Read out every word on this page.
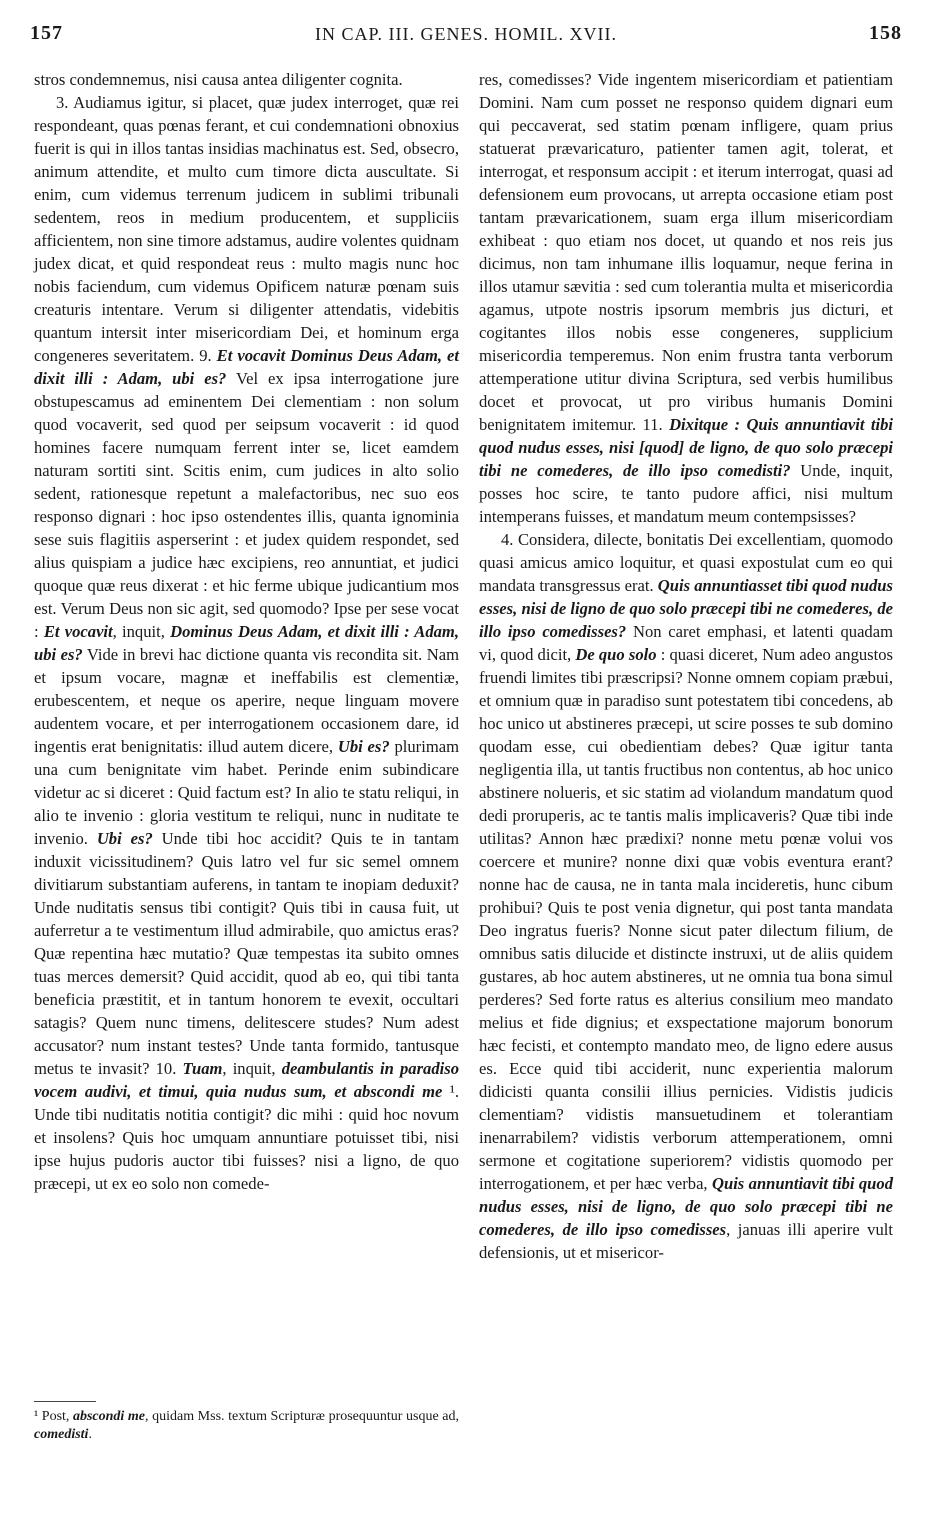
157	IN CAP. III. GENES. HOMIL. XVII.	158

stros condemnemus, nisi causa antea diligenter cognita.

3. Audiamus igitur, si placet, quæ judex interroget, quæ rei respondeant, quas pœnas ferant, et cui condemnationi obnoxius fuerit is qui in illos tantas insidias machinatus est. Sed, obsecro, animum attendite, et multo cum timore dicta auscultate. Si enim, cum videmus terrenum judicem in sublimi tribunali sedentem, reos in medium producentem, et suppliciis afficientem, non sine timore adstamus, audire volentes quidnam judex dicat, et quid respondeat reus : multo magis nunc hoc nobis faciendum, cum videmus Opificem naturæ pœnam suis creaturis intentare. Verum si diligenter attendatis, videbitis quantum intersit inter misericordiam Dei, et hominum erga congeneres severitatem. 9. Et vocavit Dominus Deus Adam, et dixit illi : Adam, ubi es? Vel ex ipsa interrogatione jure obstupescamus ad eminentem Dei clementiam : non solum quod vocaverit, sed quod per seipsum vocaverit : id quod homines facere numquam ferrent inter se, licet eamdem naturam sortiti sint. Scitis enim, cum judices in alto solio sedent, rationesque repetunt a malefactoribus, nec suo eos responso dignari : hoc ipso ostendentes illis, quanta ignominia sese suis flagitiis asperserint : et judex quidem respondet, sed alius quispiam a judice hæc excipiens, reo annuntiat, et judici quoque quæ reus dixerat : et hic ferme ubique judicantium mos est. Verum Deus non sic agit, sed quomodo? Ipse per sese vocat : Et vocavit, inquit, Dominus Deus Adam, et dixit illi : Adam, ubi es? Vide in brevi hac dictione quanta vis recondita sit. Nam et ipsum vocare, magnæ et ineffabilis est clementiæ, erubescentem, et neque os aperire, neque linguam movere audentem vocare, et per interrogationem occasionem dare, id ingentis erat benignitatis: illud autem dicere, Ubi es? plurimam una cum benignitate vim habet. Perinde enim subindicare videtur ac si diceret : Quid factum est? In alio te statu reliqui, in alio te invenio : gloria vestitum te reliqui, nunc in nuditate te invenio. Ubi es? Unde tibi hoc accidit? Quis te in tantam induxit vicissitudinem? Quis latro vel fur sic semel omnem divitiarum substantiam auferens, in tantam te inopiam deduxit? Unde nuditatis sensus tibi contigit? Quis tibi in causa fuit, ut auferretur a te vestimentum illud admirabile, quo amictus eras? Quæ repentina hæc mutatio? Quæ tempestas ita subito omnes tuas merces demersit? Quid accidit, quod ab eo, qui tibi tanta beneficia præstitit, et in tantum honorem te evexit, occultari satagis? Quem nunc timens, delitescere studes? Num adest accusator? num instant testes? Unde tanta formido, tantusque metus te invasit? 10. Tuam, inquit, deambulantis in paradiso vocem audivi, et timui, quia nudus sum, et abscondi me ¹. Unde tibi nuditatis notitia contigit? dic mihi : quid hoc novum et insolens? Quis hoc umquam annuntiare potuisset tibi, nisi ipse hujus pudoris auctor tibi fuisses? nisi a ligno, de quo præcepi, ut ex eo solo non comede-

¹ Post, abscondi me, quidam Mss. textum Scripturæ prosequuntur usque ad, comedisti.

res, comedisses? Vide ingentem misericordiam et patientiam Domini. Nam cum posset ne responso quidem dignari eum qui peccaverat, sed statim pœnam infligere, quam prius statuerat prævaricaturo, patienter tamen agit, tolerat, et interrogat, et responsum accipit : et iterum interrogat, quasi ad defensionem eum provocans, ut arrepta occasione etiam post tantam prævaricationem, suam erga illum misericordiam exhibeat : quo etiam nos docet, ut quando et nos reis jus dicimus, non tam inhumane illis loquamur, neque ferina in illos utamur sævitia : sed cum tolerantia multa et misericordia agamus, utpote nostris ipsorum membris jus dicturi, et cogitantes illos nobis esse congeneres, supplicium misericordia temperemus. Non enim frustra tanta verborum attemperatione utitur divina Scriptura, sed verbis humilibus docet et provocat, ut pro viribus humanis Domini benignitatem imitemur. 11. Dixitque : Quis annuntiavit tibi quod nudus esses, nisi [quod] de ligno, de quo solo præcepi tibi ne comederes, de illo ipso comedisti? Unde, inquit, posses hoc scire, te tanto pudore affici, nisi multum intemperans fuisses, et mandatum meum contempsisses?

4. Considera, dilecte, bonitatis Dei excellentiam, quomodo quasi amicus amico loquitur, et quasi expostulat cum eo qui mandata transgressus erat. Quis annuntiasset tibi quod nudus esses, nisi de ligno de quo solo præcepi tibi ne comederes, de illo ipso comedisses? Non caret emphasi, et latenti quadam vi, quod dicit, De quo solo : quasi diceret, Num adeo angustos fruendi limites tibi præscripsi? Nonne omnem copiam præbui, et omnium quæ in paradiso sunt potestatem tibi concedens, ab hoc unico ut abstineres præcepi, ut scire posses te sub domino quodam esse, cui obedientiam debes? Quæ igitur tanta negligentia illa, ut tantis fructibus non contentus, ab hoc unico abstinere nolueris, et sic statim ad violandum mandatum quod dedi proruperis, ac te tantis malis implicaveris? Quæ tibi inde utilitas? Annon hæc prædixi? nonne metu pœnæ volui vos coercere et munire? nonne dixi quæ vobis eventura erant? nonne hac de causa, ne in tanta mala incideretis, hunc cibum prohibui? Quis te post venia dignetur, qui post tanta mandata Deo ingratus fueris? Nonne sicut pater dilectum filium, de omnibus satis dilucide et distincte instruxi, ut de aliis quidem gustares, ab hoc autem abstineres, ut ne omnia tua bona simul perderes? Sed forte ratus es alterius consilium meo mandato melius et fide dignius; et exspectatione majorum bonorum hæc fecisti, et contempto mandato meo, de ligno edere ausus es. Ecce quid tibi acciderit, nunc experientia malorum didicisti quanta consilii illius pernicies. Vidistis judicis clementiam? vidistis mansuetudinem et tolerantiam inenarrabilem? vidistis verborum attemperationem, omni sermone et cogitatione superiorem? vidistis quomodo per interrogationem, et per hæc verba, Quis annuntiavit tibi quod nudus esses, nisi de ligno, de quo solo præcepi tibi ne comederes, de illo ipso comedisses, januas illi aperire vult defensionis, ut et misericor-
